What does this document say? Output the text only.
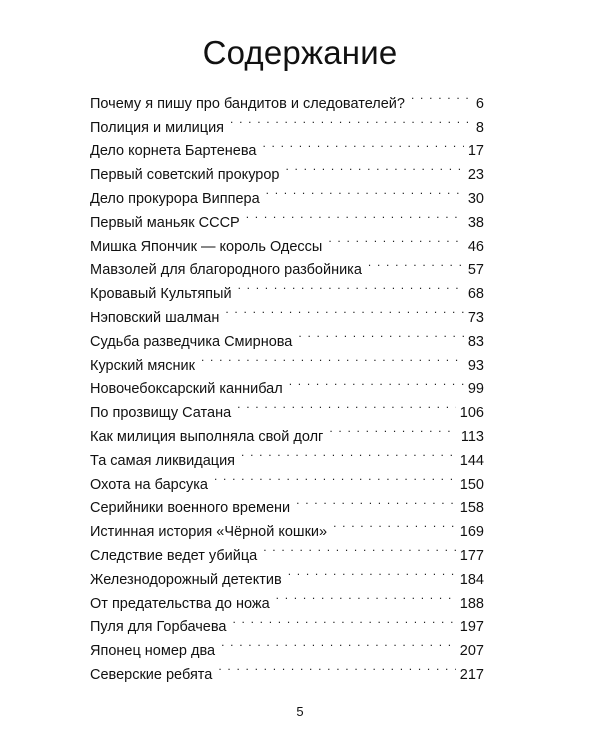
Содержание
Почему я пишу про бандитов и следователей? . . .	6
Полиция и милиция . . .	8
Дело корнета Бартенева . . .	17
Первый советский прокурор . . .	23
Дело прокурора Виппера . . .	30
Первый маньяк СССР . . .	38
Мишка Япончик — король Одессы . . .	46
Мавзолей для благородного разбойника . . .	57
Кровавый Культяпый . . .	68
Нэповский шалман . . .	73
Судьба разведчика Смирнова . . .	83
Курский мясник . . .	93
Новочебоксарский каннибал . . .	99
По прозвищу Сатана . . .	106
Как милиция выполняла свой долг . . .	113
Та самая ликвидация . . .	144
Охота на барсука . . .	150
Серийники военного времени . . .	158
Истинная история «Чёрной кошки» . . .	169
Следствие ведет убийца . . .	177
Железнодорожный детектив . . .	184
От предательства до ножа . . .	188
Пуля для Горбачева . . .	197
Японец номер два . . .	207
Северские ребята . . .	217
5
